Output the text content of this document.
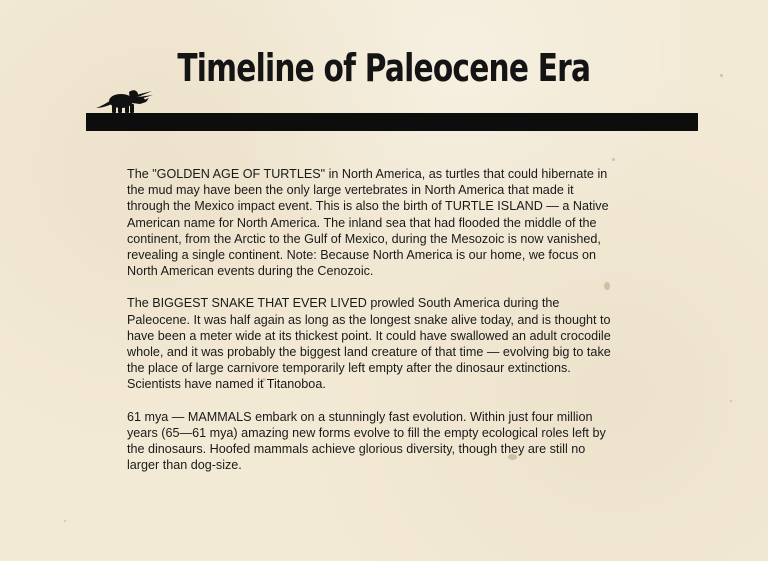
Timeline of Paleocene Era

The "GOLDEN AGE OF TURTLES" in North America, as turtles that could hibernate in the mud may have been the only large vertebrates in North America that made it through the Mexico impact event. This is also the birth of TURTLE ISLAND — a Native American name for North America. The inland sea that had flooded the middle of the continent, from the Arctic to the Gulf of Mexico, during the Mesozoic is now vanished, revealing a single continent. Note: Because North America is our home, we focus on North American events during the Cenozoic.

The BIGGEST SNAKE THAT EVER LIVED prowled South America during the Paleocene. It was half again as long as the longest snake alive today, and is thought to have been a meter wide at its thickest point. It could have swallowed an adult crocodile whole, and it was probably the biggest land creature of that time — evolving big to take the place of large carnivore temporarily left empty after the dinosaur extinctions. Scientists have named it Titanoboa.

61 mya — MAMMALS embark on a stunningly fast evolution. Within just four million years (65—61 mya) amazing new forms evolve to fill the empty ecological roles left by the dinosaurs. Hoofed mammals achieve glorious diversity, though they are still no larger than dog-size.
